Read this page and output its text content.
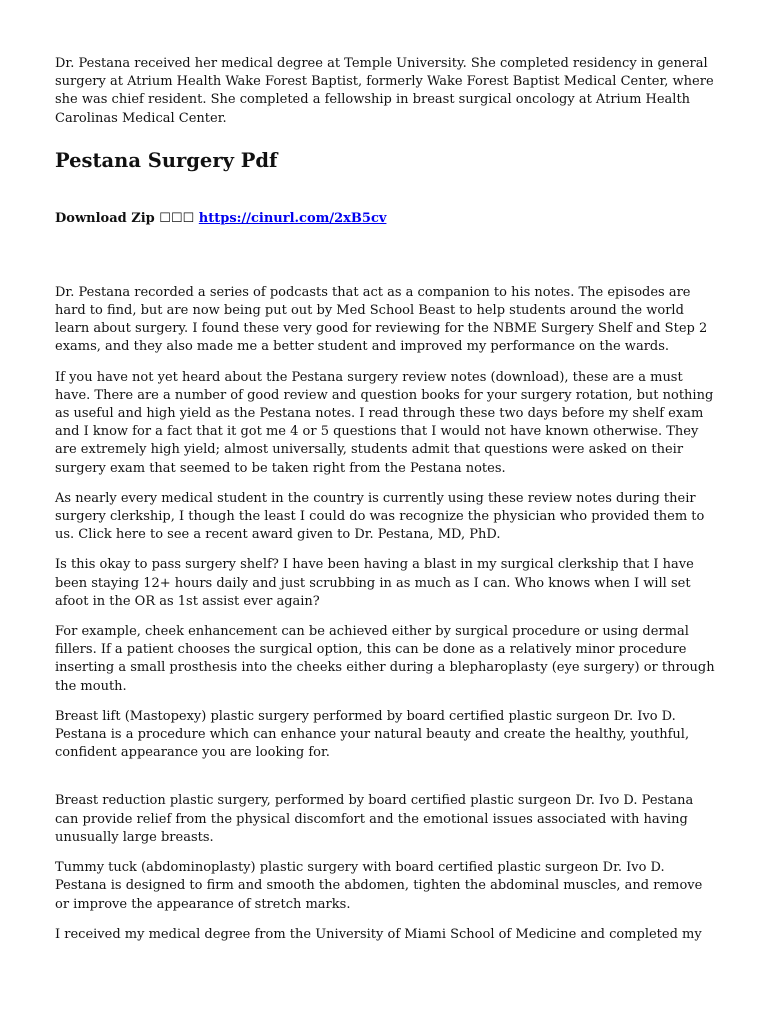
Dr. Pestana received her medical degree at Temple University. She completed residency in general surgery at Atrium Health Wake Forest Baptist, formerly Wake Forest Baptist Medical Center, where she was chief resident. She completed a fellowship in breast surgical oncology at Atrium Health Carolinas Medical Center.

Pestana Surgery Pdf

Download Zip ☐☐☐ https://cinurl.com/2xB5cv

Dr. Pestana recorded a series of podcasts that act as a companion to his notes. The episodes are hard to find, but are now being put out by Med School Beast to help students around the world learn about surgery. I found these very good for reviewing for the NBME Surgery Shelf and Step 2 exams, and they also made me a better student and improved my performance on the wards.

If you have not yet heard about the Pestana surgery review notes (download), these are a must have. There are a number of good review and question books for your surgery rotation, but nothing as useful and high yield as the Pestana notes. I read through these two days before my shelf exam and I know for a fact that it got me 4 or 5 questions that I would not have known otherwise. They are extremely high yield; almost universally, students admit that questions were asked on their surgery exam that seemed to be taken right from the Pestana notes.

As nearly every medical student in the country is currently using these review notes during their surgery clerkship, I though the least I could do was recognize the physician who provided them to us. Click here to see a recent award given to Dr. Pestana, MD, PhD.

Is this okay to pass surgery shelf? I have been having a blast in my surgical clerkship that I have been staying 12+ hours daily and just scrubbing in as much as I can. Who knows when I will set afoot in the OR as 1st assist ever again?

For example, cheek enhancement can be achieved either by surgical procedure or using dermal fillers. If a patient chooses the surgical option, this can be done as a relatively minor procedure inserting a small prosthesis into the cheeks either during a blepharoplasty (eye surgery) or through the mouth.

Breast lift (Mastopexy) plastic surgery performed by board certified plastic surgeon Dr. Ivo D. Pestana is a procedure which can enhance your natural beauty and create the healthy, youthful, confident appearance you are looking for.

Breast reduction plastic surgery, performed by board certified plastic surgeon Dr. Ivo D. Pestana can provide relief from the physical discomfort and the emotional issues associated with having unusually large breasts.

Tummy tuck (abdominoplasty) plastic surgery with board certified plastic surgeon Dr. Ivo D. Pestana is designed to firm and smooth the abdomen, tighten the abdominal muscles, and remove or improve the appearance of stretch marks.

I received my medical degree from the University of Miami School of Medicine and completed my
